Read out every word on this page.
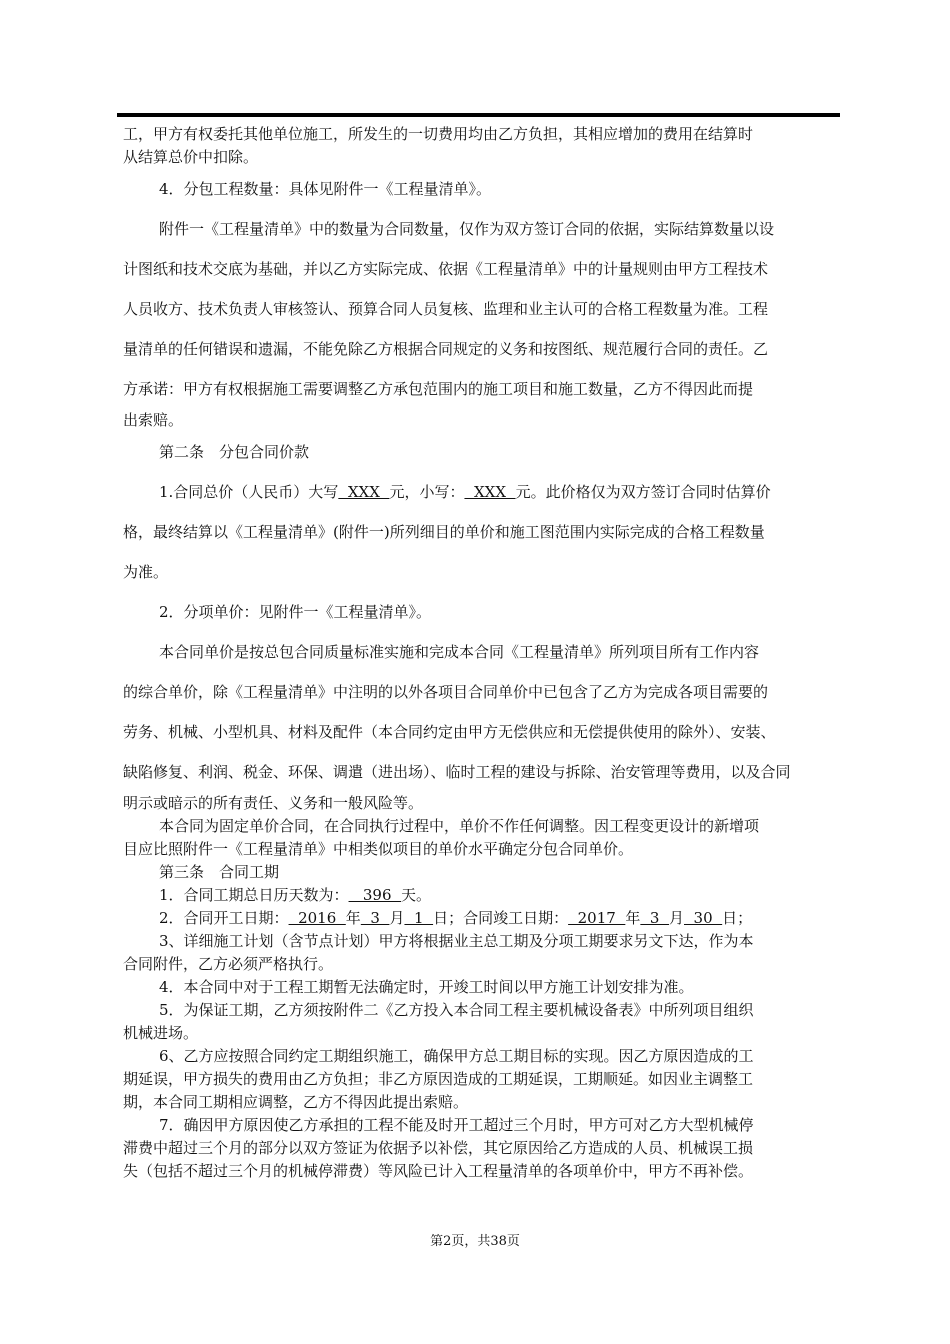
工，甲方有权委托其他单位施工，所发生的一切费用均由乙方负担，其相应增加的费用在结算时
从结算总价中扣除。
4．分包工程数量：具体见附件一《工程量清单》。
附件一《工程量清单》中的数量为合同数量，仅作为双方签订合同的依据，实际结算数量以设
计图纸和技术交底为基础，并以乙方实际完成、依据《工程量清单》中的计量规则由甲方工程技术
人员收方、技术负责人审核签认、预算合同人员复核、监理和业主认可的合格工程数量为准。工程
量清单的任何错误和遗漏，不能免除乙方根据合同规定的义务和按图纸、规范履行合同的责任。乙
方承诺：甲方有权根据施工需要调整乙方承包范围内的施工项目和施工数量，乙方不得因此而提
出索赔。
第二条　分包合同价款
1.合同总价（人民币）大写  XXX  元，小写：  XXX  元。此价格仅为双方签订合同时估算价
格，最终结算以《工程量清单》(附件一)所列细目的单价和施工图范围内实际完成的合格工程数量
为准。
2．分项单价：见附件一《工程量清单》。
本合同单价是按总包合同质量标准实施和完成本合同《工程量清单》所列项目所有工作内容
的综合单价，除《工程量清单》中注明的以外各项目合同单价中已包含了乙方为完成各项目需要的
劳务、机械、小型机具、材料及配件（本合同约定由甲方无偿供应和无偿提供使用的除外）、安装、
缺陷修复、利润、税金、环保、调遣（进出场）、临时工程的建设与拆除、治安管理等费用，以及合同
明示或暗示的所有责任、义务和一般风险等。
本合同为固定单价合同，在合同执行过程中，单价不作任何调整。因工程变更设计的新增项
目应比照附件一《工程量清单》中相类似项目的单价水平确定分包合同单价。
第三条　合同工期
1．合同工期总日历天数为：   396  天。
2．合同开工日期：  2016  年  3  月  1  日；合同竣工日期：  2017  年  3  月  30  日；
3、详细施工计划（含节点计划）甲方将根据业主总工期及分项工期要求另文下达，作为本
合同附件，乙方必须严格执行。
4．本合同中对于工程工期暂无法确定时，开竣工时间以甲方施工计划安排为准。
5．为保证工期，乙方须按附件二《乙方投入本合同工程主要机械设备表》中所列项目组织
机械进场。
6、乙方应按照合同约定工期组织施工，确保甲方总工期目标的实现。因乙方原因造成的工
期延误，甲方损失的费用由乙方负担；非乙方原因造成的工期延误，工期顺延。如因业主调整工
期，本合同工期相应调整，乙方不得因此提出索赔。
7．确因甲方原因使乙方承担的工程不能及时开工超过三个月时，甲方可对乙方大型机械停
滞费中超过三个月的部分以双方签证为依据予以补偿，其它原因给乙方造成的人员、机械误工损
失（包括不超过三个月的机械停滞费）等风险已计入工程量清单的各项单价中，甲方不再补偿。
第2页，共38页
